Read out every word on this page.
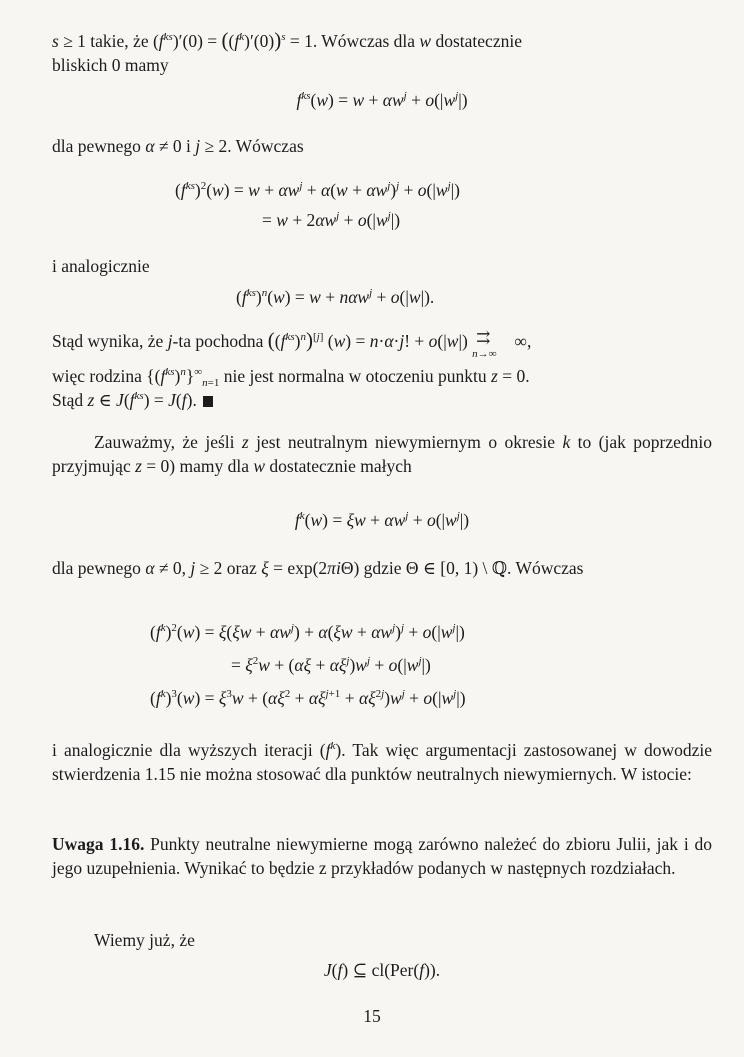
s ≥ 1 takie, że $(f^{ks})'(0) = ((f^k)'(0))^s = 1$. Wówczas dla w dostatecznie
bliskich 0 mamy
$f^{ks}(w) = w + \alpha w^j + o(|w^j|)$
dla pewnego α ≠ 0 i j ≥ 2. Wówczas
$(f^{ks})^2(w) = w + \alpha w^j + \alpha(w + \alpha w^j)^j + o(|w^j|)$
= $w + 2\alpha w^j + o(|w^j|)$
i analogicznie
$(f^{ks})^n(w) = w + n\alpha w^j + o(|w|)$.
Stąd wynika, że j-ta pochodna $((f^{ks})^n)[j]$ (w) = n·α·j! + o(|w|) ⇉
n→∞
∞,
więc rodzina $\{(f^{ks})^n\}^\infty_{n=1}$ nie jest normalna w otoczeniu punktu z = 0.
Stąd z ∈ $J(f^{ks}) = J(f)$.
Zauważmy, że jeśli z jest neutralnym niewymiernym o okresie k to (jak poprzednio przyjmując z = 0) mamy dla w dostatecznie małych
$f^k(w) = \xi w + \alpha w^j + o(|w^j|)$
dla pewnego α ≠ 0, j ≥ 2 oraz ξ = exp(2πiΘ) gdzie Θ ∈ [0, 1) \ ℚ. Wówczas
$(f^k)^2(w) = \xi(\xi w + \alpha w^j) + \alpha(\xi w + \alpha w^j)^j + o(|w^j|)$
= $\xi^2w + (\alpha\xi + \alpha\xi^j)w^j + o(|w^j|)$
$(f^k)^3(w) = \xi^3w + (\alpha\xi^2 + \alpha\xi^{j+1} + \alpha\xi^{2j})w^j + o(|w^j|)$
i analogicznie dla wyższych iteracji $(f^k)$. Tak więc argumentacji zastosowanej w dowodzie stwierdzenia 1.15 nie można stosować dla punktów neutralnych niewymiernych. W istocie:
Uwaga 1.16. Punkty neutralne niewymierne mogą zarówno należeć do zbioru Julii, jak i do jego uzupełnienia. Wynikać to będzie z przykładów podanych w następnych rozdziałach.
Wiemy już, że
J(f) ⊆ cl(Per(f)).
15
